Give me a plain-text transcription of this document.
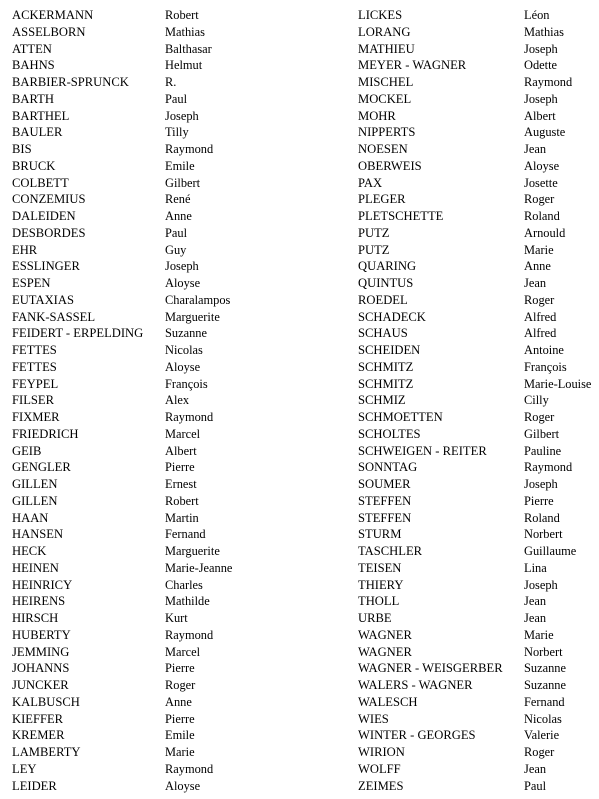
ACKERMANN
ASSELBORN
ATTEN
BAHNS
BARBIER-SPRUNCK
BARTH
BARTHEL
BAULER
BIS
BRUCK
COLBETT
CONZEMIUS
DALEIDEN
DESBORDES
EHR
ESSLINGER
ESPEN
EUTAXIAS
FANK-SASSEL
FEIDERT - ERPELDING
FETTES
FETTES
FEYPEL
FILSER
FIXMER
FRIEDRICH
GEIB
GENGLER
GILLEN
GILLEN
HAAN
HANSEN
HECK
HEINEN
HEINRICY
HEIRENS
HIRSCH
HUBERTY
JEMMING
JOHANNS
JUNCKER
KALBUSCH
KIEFFER
KREMER
LAMBERTY
LEY
LEIDER
Robert
Mathias
Balthasar
Helmut
R.
Paul
Joseph
Tilly
Raymond
Emile
Gilbert
René
Anne
Paul
Guy
Joseph
Aloyse
Charalampos
Marguerite
Suzanne
Nicolas
Aloyse
François
Alex
Raymond
Marcel
Albert
Pierre
Ernest
Robert
Martin
Fernand
Marguerite
Marie-Jeanne
Charles
Mathilde
Kurt
Raymond
Marcel
Pierre
Roger
Anne
Pierre
Emile
Marie
Raymond
Aloyse
LICKES
LORANG
MATHIEU
MEYER - WAGNER
MISCHEL
MOCKEL
MOHR
NIPPERTS
NOESEN
OBERWEIS
PAX
PLEGER
PLETSCHETTE
PUTZ
PUTZ
QUARING
QUINTUS
ROEDEL
SCHADECK
SCHAUS
SCHEIDEN
SCHMITZ
SCHMITZ
SCHMIZ
SCHMOETTEN
SCHOLTES
SCHWEIGEN - REITER
SONNTAG
SOUMER
STEFFEN
STEFFEN
STURM
TASCHLER
TEISEN
THIERY
THOLL
URBE
WAGNER
WAGNER
WAGNER - WEISGERBER
WALERS - WAGNER
WALESCH
WIES
WINTER - GEORGES
WIRION
WOLFF
ZEIMES
Léon
Mathias
Joseph
Odette
Raymond
Joseph
Albert
Auguste
Jean
Aloyse
Josette
Roger
Roland
Arnould
Marie
Anne
Jean
Roger
Alfred
Alfred
Antoine
François
Marie-Louise
Cilly
Roger
Gilbert
Pauline
Raymond
Joseph
Pierre
Roland
Norbert
Guillaume
Lina
Joseph
Jean
Jean
Marie
Norbert
Suzanne
Suzanne
Fernand
Nicolas
Valerie
Roger
Jean
Paul
